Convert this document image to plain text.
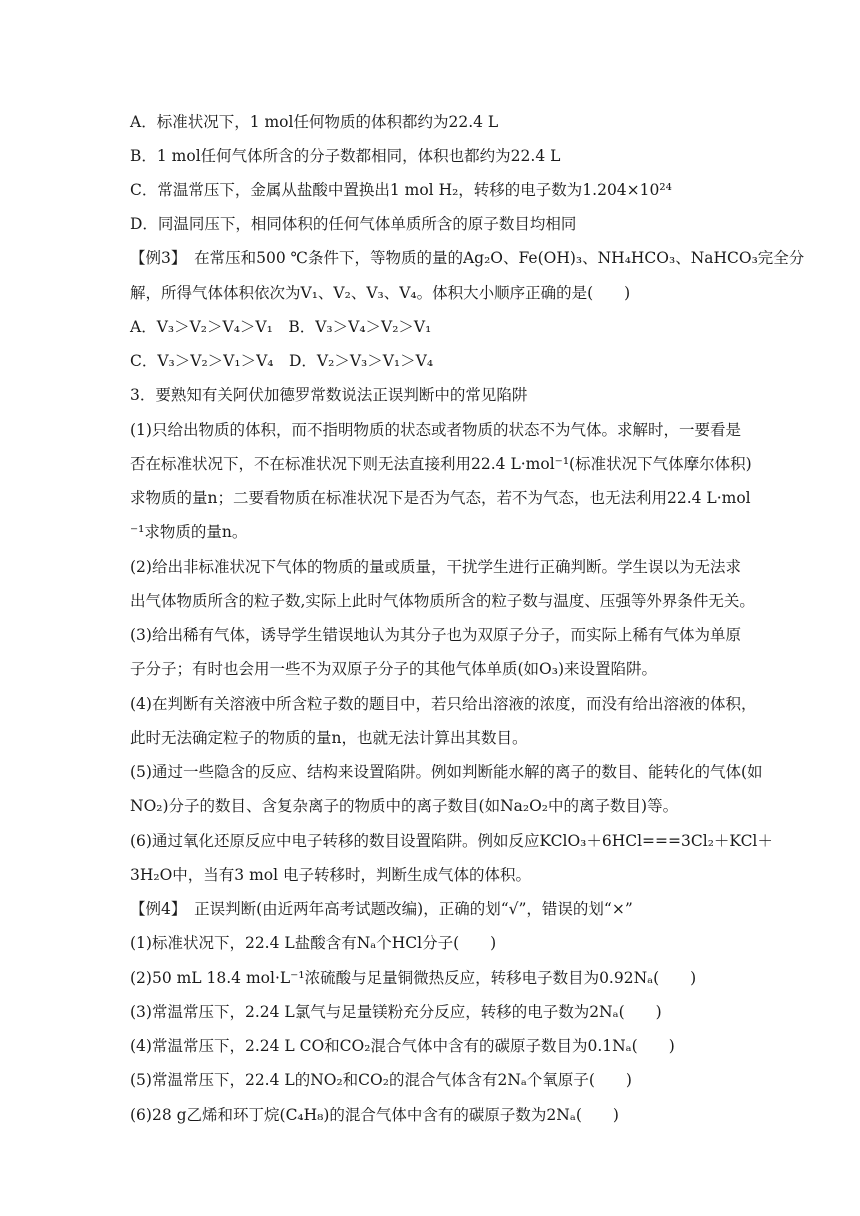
A．标准状况下，1 mol任何物质的体积都约为22.4 L
B．1 mol任何气体所含的分子数都相同，体积也都约为22.4 L
C．常温常压下，金属从盐酸中置换出1 mol H₂，转移的电子数为1.204×10²⁴
D．同温同压下，相同体积的任何气体单质所含的原子数目均相同
【例3】　在常压和500 ℃条件下，等物质的量的Ag₂O、Fe(OH)₃、NH₄HCO₃、NaHCO₃完全分
解，所得气体体积依次为V₁、V₂、V₃、V₄。体积大小顺序正确的是(　　)
A．V₃＞V₂＞V₄＞V₁　B．V₃＞V₄＞V₂＞V₁
C．V₃＞V₂＞V₁＞V₄　D．V₂＞V₃＞V₁＞V₄
3．要熟知有关阿伏加德罗常数说法正误判断中的常见陷阱
(1)只给出物质的体积，而不指明物质的状态或者物质的状态不为气体。求解时，一要看是
否在标准状况下，不在标准状况下则无法直接利用22.4 L·mol⁻¹(标准状况下气体摩尔体积)
求物质的量n；二要看物质在标准状况下是否为气态，若不为气态，也无法利用22.4 L·mol
⁻¹求物质的量n。
(2)给出非标准状况下气体的物质的量或质量，干扰学生进行正确判断。学生误以为无法求
出气体物质所含的粒子数,实际上此时气体物质所含的粒子数与温度、压强等外界条件无关。
(3)给出稀有气体，诱导学生错误地认为其分子也为双原子分子，而实际上稀有气体为单原
子分子；有时也会用一些不为双原子分子的其他气体单质(如O₃)来设置陷阱。
(4)在判断有关溶液中所含粒子数的题目中，若只给出溶液的浓度，而没有给出溶液的体积，
此时无法确定粒子的物质的量n，也就无法计算出其数目。
(5)通过一些隐含的反应、结构来设置陷阱。例如判断能水解的离子的数目、能转化的气体(如
NO₂)分子的数目、含复杂离子的物质中的离子数目(如Na₂O₂中的离子数目)等。
(6)通过氧化还原反应中电子转移的数目设置陷阱。例如反应KClO₃＋6HCl===3Cl₂＋KCl＋
3H₂O中，当有3 mol 电子转移时，判断生成气体的体积。
【例4】　正误判断(由近两年高考试题改编)，正确的划“√”，错误的划“×”
(1)标准状况下，22.4 L盐酸含有Nₐ个HCl分子(　　)
(2)50 mL 18.4 mol·L⁻¹浓硫酸与足量铜微热反应，转移电子数目为0.92Nₐ(　　)
(3)常温常压下，2.24 L氯气与足量镁粉充分反应，转移的电子数为2Nₐ(　　)
(4)常温常压下，2.24 L CO和CO₂混合气体中含有的碳原子数目为0.1Nₐ(　　)
(5)常温常压下，22.4 L的NO₂和CO₂的混合气体含有2Nₐ个氧原子(　　)
(6)28 g乙烯和环丁烷(C₄H₈)的混合气体中含有的碳原子数为2Nₐ(　　)
